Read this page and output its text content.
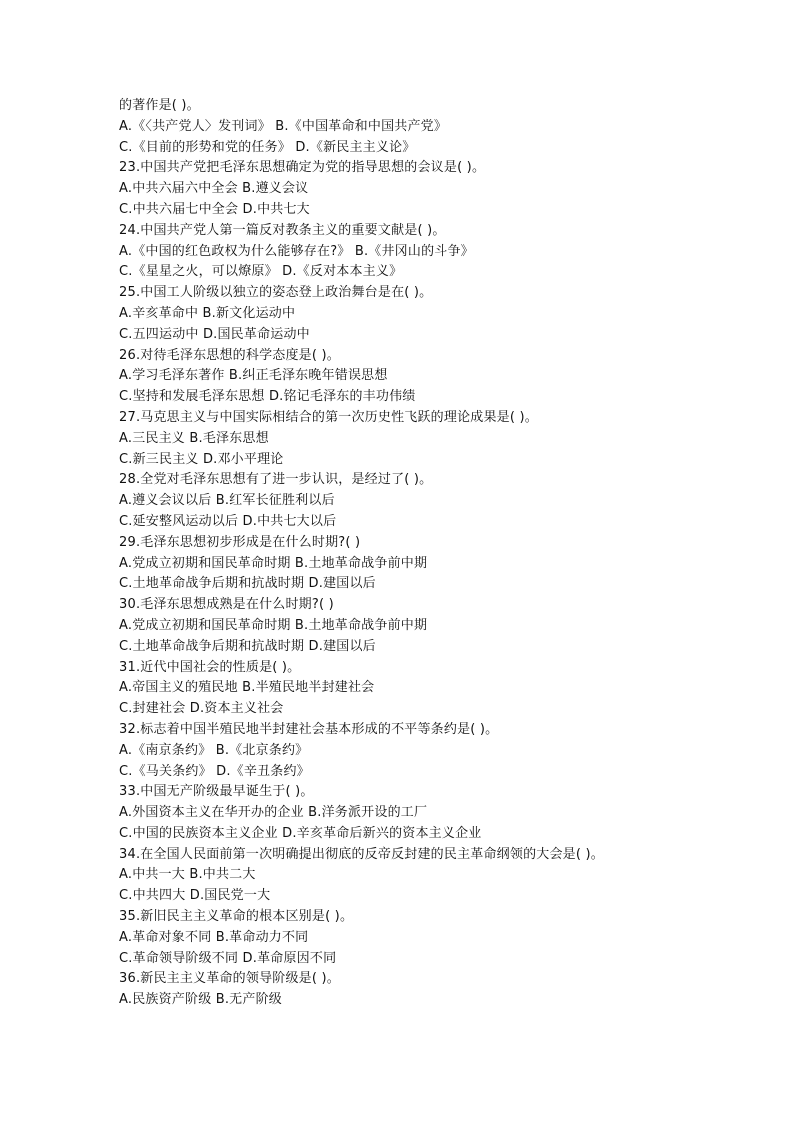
的著作是( )。
A.《〈共产党人〉发刊词》 B.《中国革命和中国共产党》
C.《目前的形势和党的任务》 D.《新民主主义论》
23.中国共产党把毛泽东思想确定为党的指导思想的会议是( )。
A.中共六届六中全会 B.遵义会议
C.中共六届七中全会 D.中共七大
24.中国共产党人第一篇反对教条主义的重要文献是( )。
A.《中国的红色政权为什么能够存在?》 B.《井冈山的斗争》
C.《星星之火，可以燎原》 D.《反对本本主义》
25.中国工人阶级以独立的姿态登上政治舞台是在( )。
A.辛亥革命中 B.新文化运动中
C.五四运动中 D.国民革命运动中
26.对待毛泽东思想的科学态度是( )。
A.学习毛泽东著作 B.纠正毛泽东晚年错误思想
C.坚持和发展毛泽东思想 D.铭记毛泽东的丰功伟绩
27.马克思主义与中国实际相结合的第一次历史性飞跃的理论成果是( )。
A.三民主义 B.毛泽东思想
C.新三民主义 D.邓小平理论
28.全党对毛泽东思想有了进一步认识，是经过了( )。
A.遵义会议以后 B.红军长征胜利以后
C.延安整风运动以后 D.中共七大以后
29.毛泽东思想初步形成是在什么时期?( )
A.党成立初期和国民革命时期 B.土地革命战争前中期
C.土地革命战争后期和抗战时期 D.建国以后
30.毛泽东思想成熟是在什么时期?( )
A.党成立初期和国民革命时期 B.土地革命战争前中期
C.土地革命战争后期和抗战时期 D.建国以后
31.近代中国社会的性质是( )。
A.帝国主义的殖民地 B.半殖民地半封建社会
C.封建社会 D.资本主义社会
32.标志着中国半殖民地半封建社会基本形成的不平等条约是( )。
A.《南京条约》 B.《北京条约》
C.《马关条约》 D.《辛丑条约》
33.中国无产阶级最早诞生于( )。
A.外国资本主义在华开办的企业 B.洋务派开设的工厂
C.中国的民族资本主义企业 D.辛亥革命后新兴的资本主义企业
34.在全国人民面前第一次明确提出彻底的反帝反封建的民主革命纲领的大会是( )。
A.中共一大 B.中共二大
C.中共四大 D.国民党一大
35.新旧民主主义革命的根本区别是( )。
A.革命对象不同 B.革命动力不同
C.革命领导阶级不同 D.革命原因不同
36.新民主主义革命的领导阶级是( )。
A.民族资产阶级 B.无产阶级
